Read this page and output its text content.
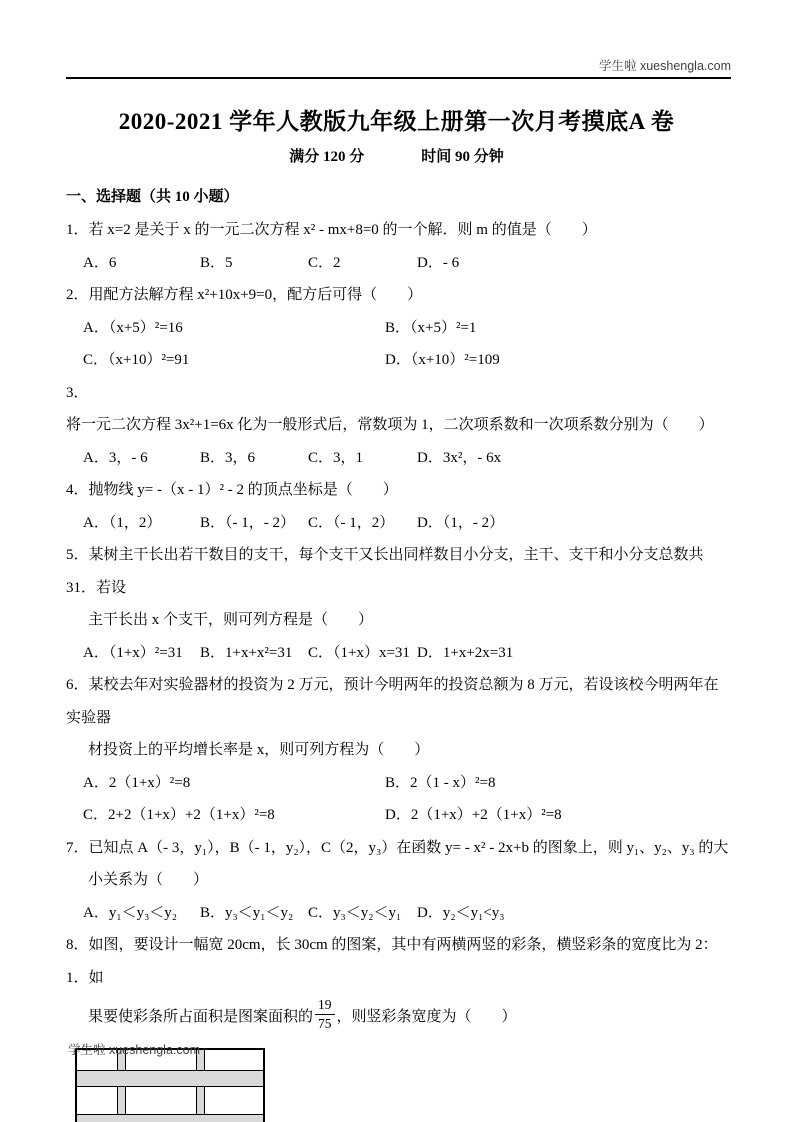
学生啦 xueshengla.com
2020-2021 学年人教版九年级上册第一次月考摸底A 卷
满分 120 分	时间 90 分钟
一、选择题（共 10 小题）
1．若 x=2 是关于 x 的一元二次方程 x² - mx+8=0 的一个解．则 m 的值是（　　）
A．6	B．5	C．2	D．- 6
2．用配方法解方程 x²+10x+9=0，配方后可得（　　）
A．（x+5）²=16	B．（x+5）²=1
C．（x+10）²=91	D．（x+10）²=109
3．将一元二次方程 3x²+1=6x 化为一般形式后，常数项为 1，二次项系数和一次项系数分别为（　　）
A．3，- 6	B．3，6	C．3，1	D．3x²，- 6x
4．抛物线 y= -（x - 1）² - 2 的顶点坐标是（　　）
A．（1，2）	B．（- 1，- 2） C．（- 1，2）	D．（1，- 2）
5．某树主干长出若干数目的支干，每个支干又长出同样数目小分支，主干、支干和小分支总数共 31．若设
主干长出 x 个支干，则可列方程是（　　）
A．（1+x）²=31	B．1+x+x²=31	C．（1+x）x=31 D．1+x+2x=31
6．某校去年对实验器材的投资为 2 万元，预计今明两年的投资总额为 8 万元，若设该校今明两年在实验器
材投资上的平均增长率是 x，则可列方程为（　　）
A．2（1+x）²=8	B．2（1 - x）²=8
C．2+2（1+x）+2（1+x）²=8	D．2（1+x）+2（1+x）²=8
7．已知点 A（- 3，y₁），B（- 1，y₂），C（2，y₃）在函数 y= - x² - 2x+b 的图象上，则 y₁、y₂、y₃ 的大
小关系为（　　）
A．y₁＜y₃＜y₂	B．y₃＜y₁＜y₂ C．y₃＜y₂＜y₁	D．y₂＜y₁<y₃
8．如图，要设计一幅宽 20cm，长 30cm 的图案，其中有两横两竖的彩条，横竖彩条的宽度比为 2：1．如
果要使彩条所占面积是图案面积的 $\frac{19}{75}$ ，则竖彩条宽度为（　　）
学生啦 xueshengla.com
